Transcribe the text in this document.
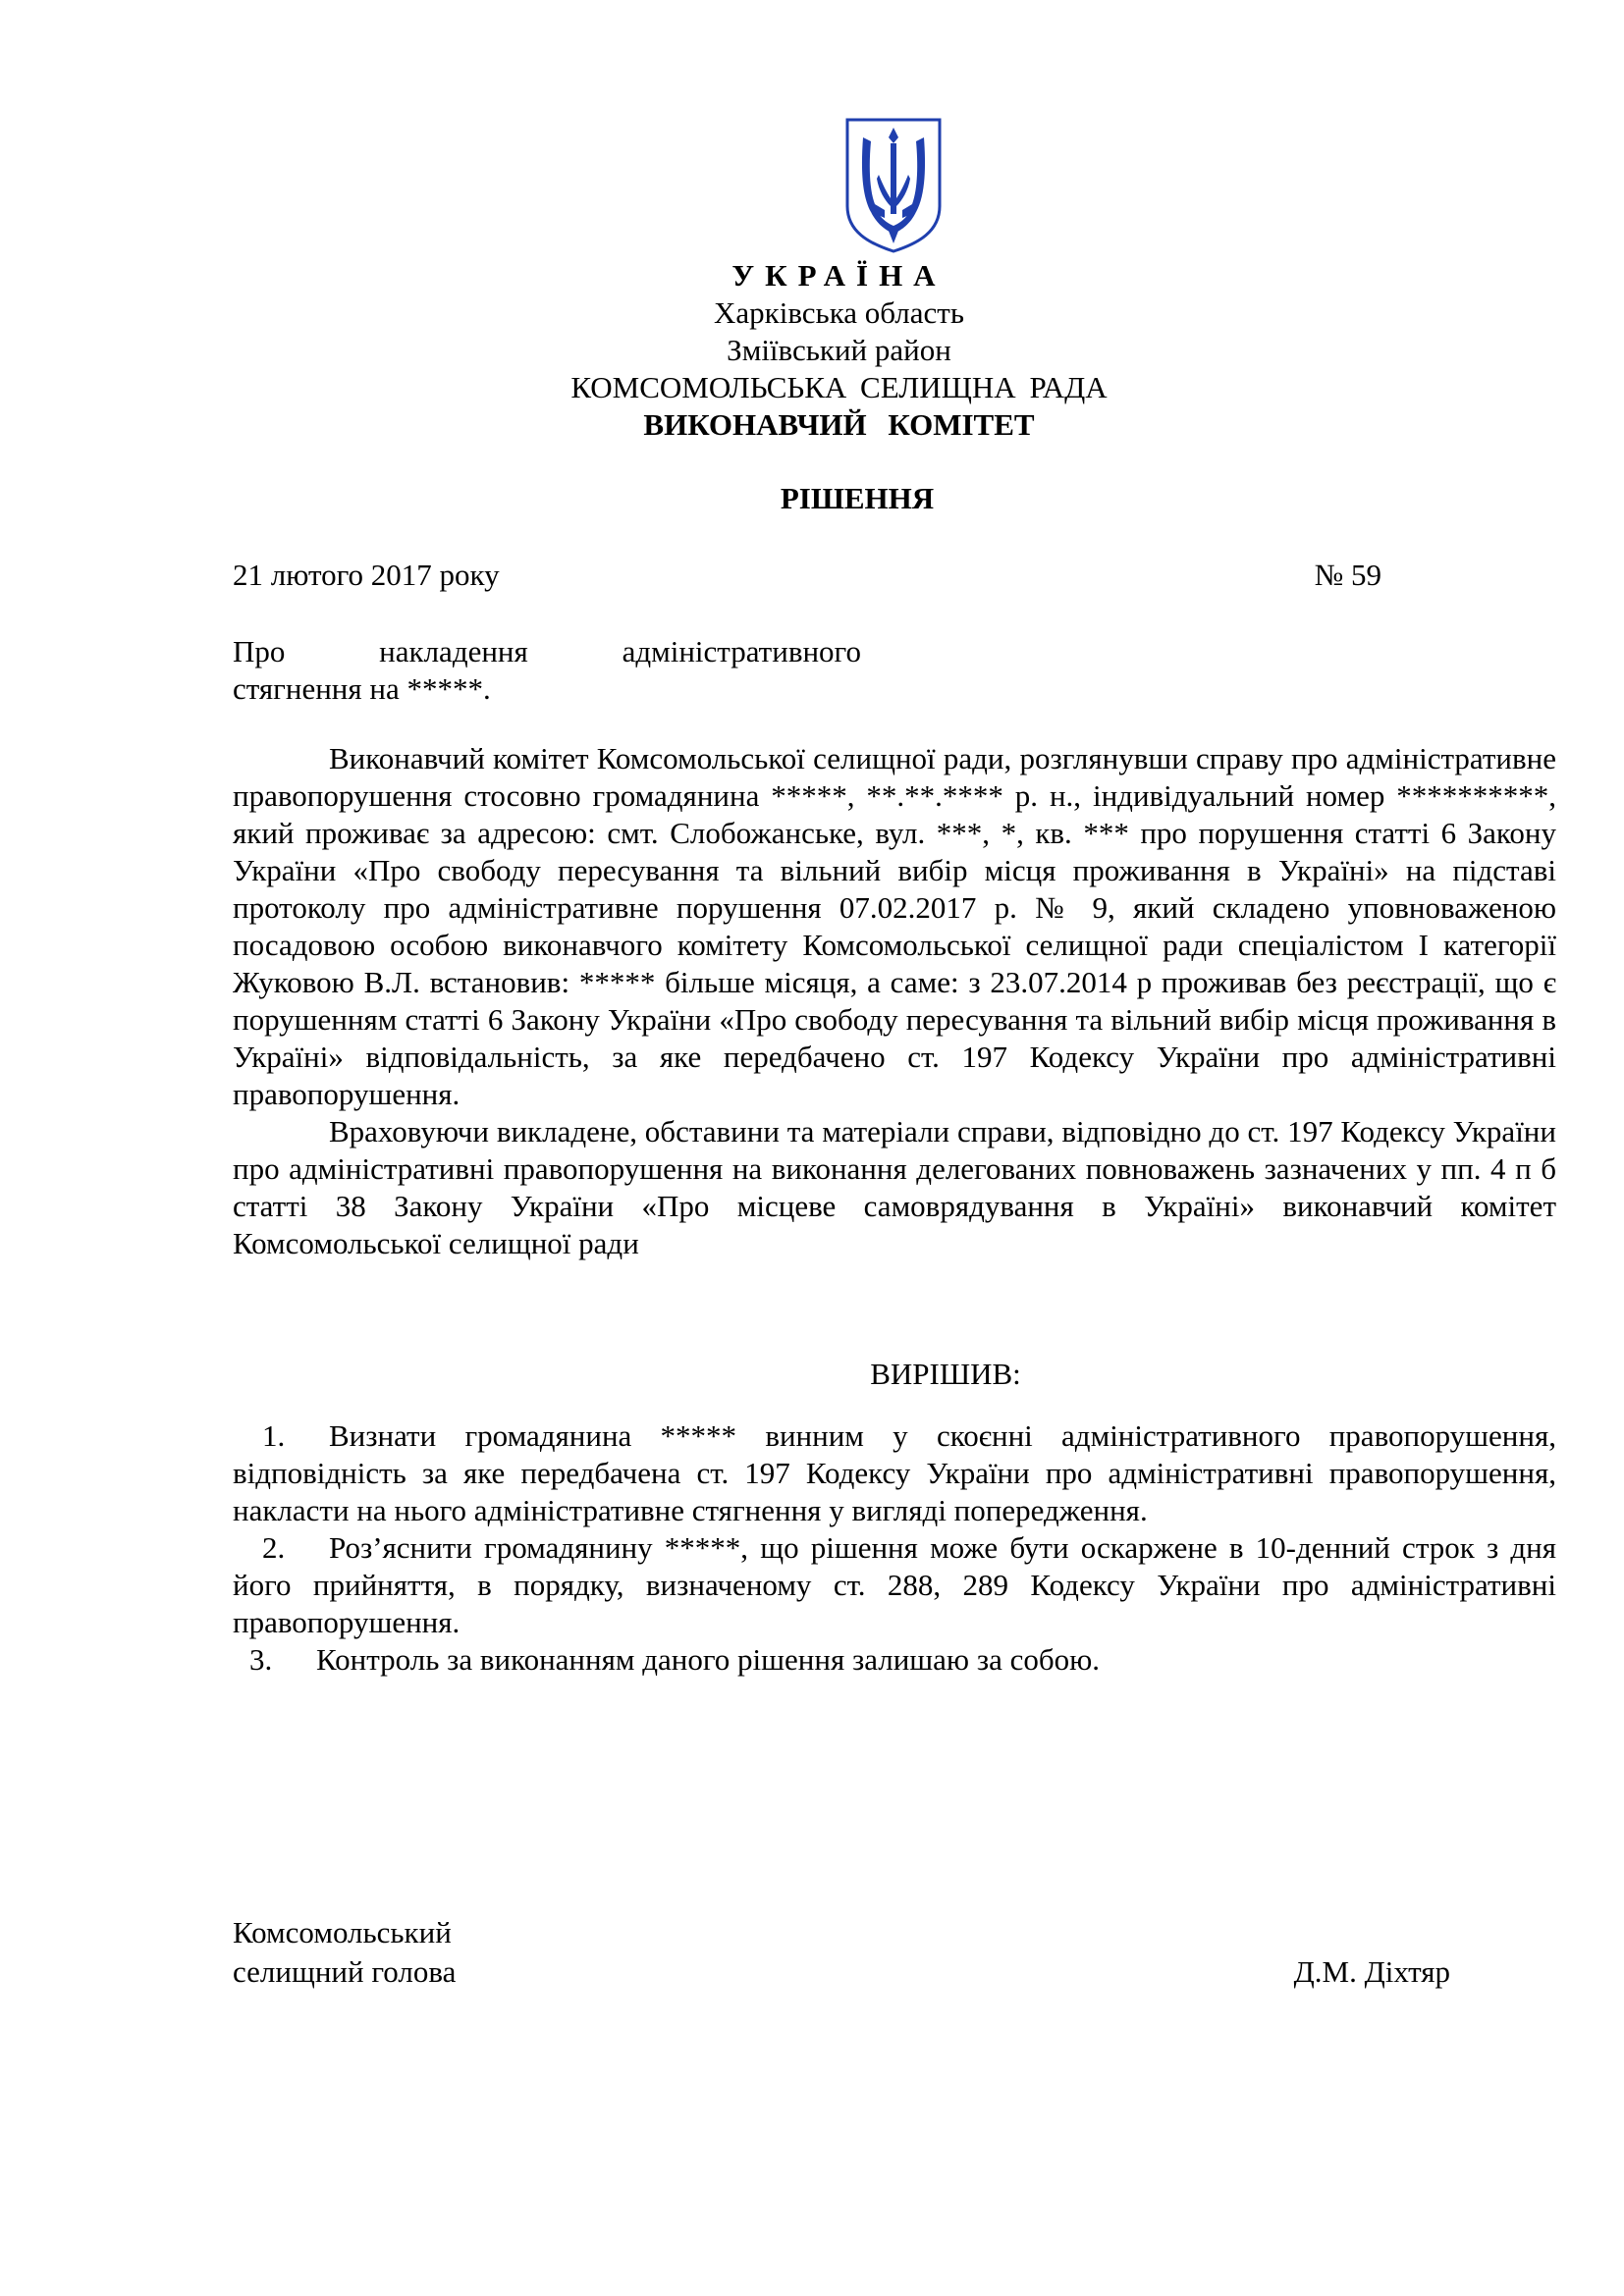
УКРАЇНА
Харківська область
Зміївський район
КОМСОМОЛЬСЬКА СЕЛИЩНА РАДА
ВИКОНАВЧИЙ КОМІТЕТ
РІШЕННЯ
21 лютого 2017 року	№ 59
Про накладення адміністративного
стягнення на *****.

Виконавчий комітет Комсомольської селищної ради, розглянувши справу про адміністративне правопорушення стосовно громадянина *****, **.**.**** р. н., індивідуальний номер **********, який проживає за адресою: смт. Слобожанське, вул. ***, *, кв. *** про порушення статті 6 Закону України «Про свободу пересування та вільний вибір місця проживання в Україні» на підставі протоколу про адміністративне порушення 07.02.2017 р. № 9, який складено уповноваженою посадовою особою виконавчого комітету Комсомольської селищної ради спеціалістом І категорії Жуковою В.Л. встановив: ***** більше місяця, а саме: з 23.07.2014 р проживав без реєстрації, що є порушенням статті 6 Закону України «Про свободу пересування та вільний вибір місця проживання в Україні» відповідальність, за яке передбачено ст. 197 Кодексу України про адміністративні правопорушення.

Враховуючи викладене, обставини та матеріали справи, відповідно до ст. 197 Кодексу України про адміністративні правопорушення на виконання делегованих повноважень зазначених у пп. 4 п б статті 38 Закону України «Про місцеве самоврядування в Україні» виконавчий комітет Комсомольської селищної ради

ВИРІШИВ:

1. Визнати громадянина ***** винним у скоєнні адміністративного правопорушення, відповідність за яке передбачена ст. 197 Кодексу України про адміністративні правопорушення, накласти на нього адміністративне стягнення у вигляді попередження.

2. Роз’яснити громадянину *****, що рішення може бути оскаржене в 10-денний строк з дня його прийняття, в порядку, визначеному ст. 288, 289 Кодексу України про адміністративні правопорушення.

3. Контроль за виконанням даного рішення залишаю за собою.

Комсомольський
селищний голова	Д.М. Діхтяр
